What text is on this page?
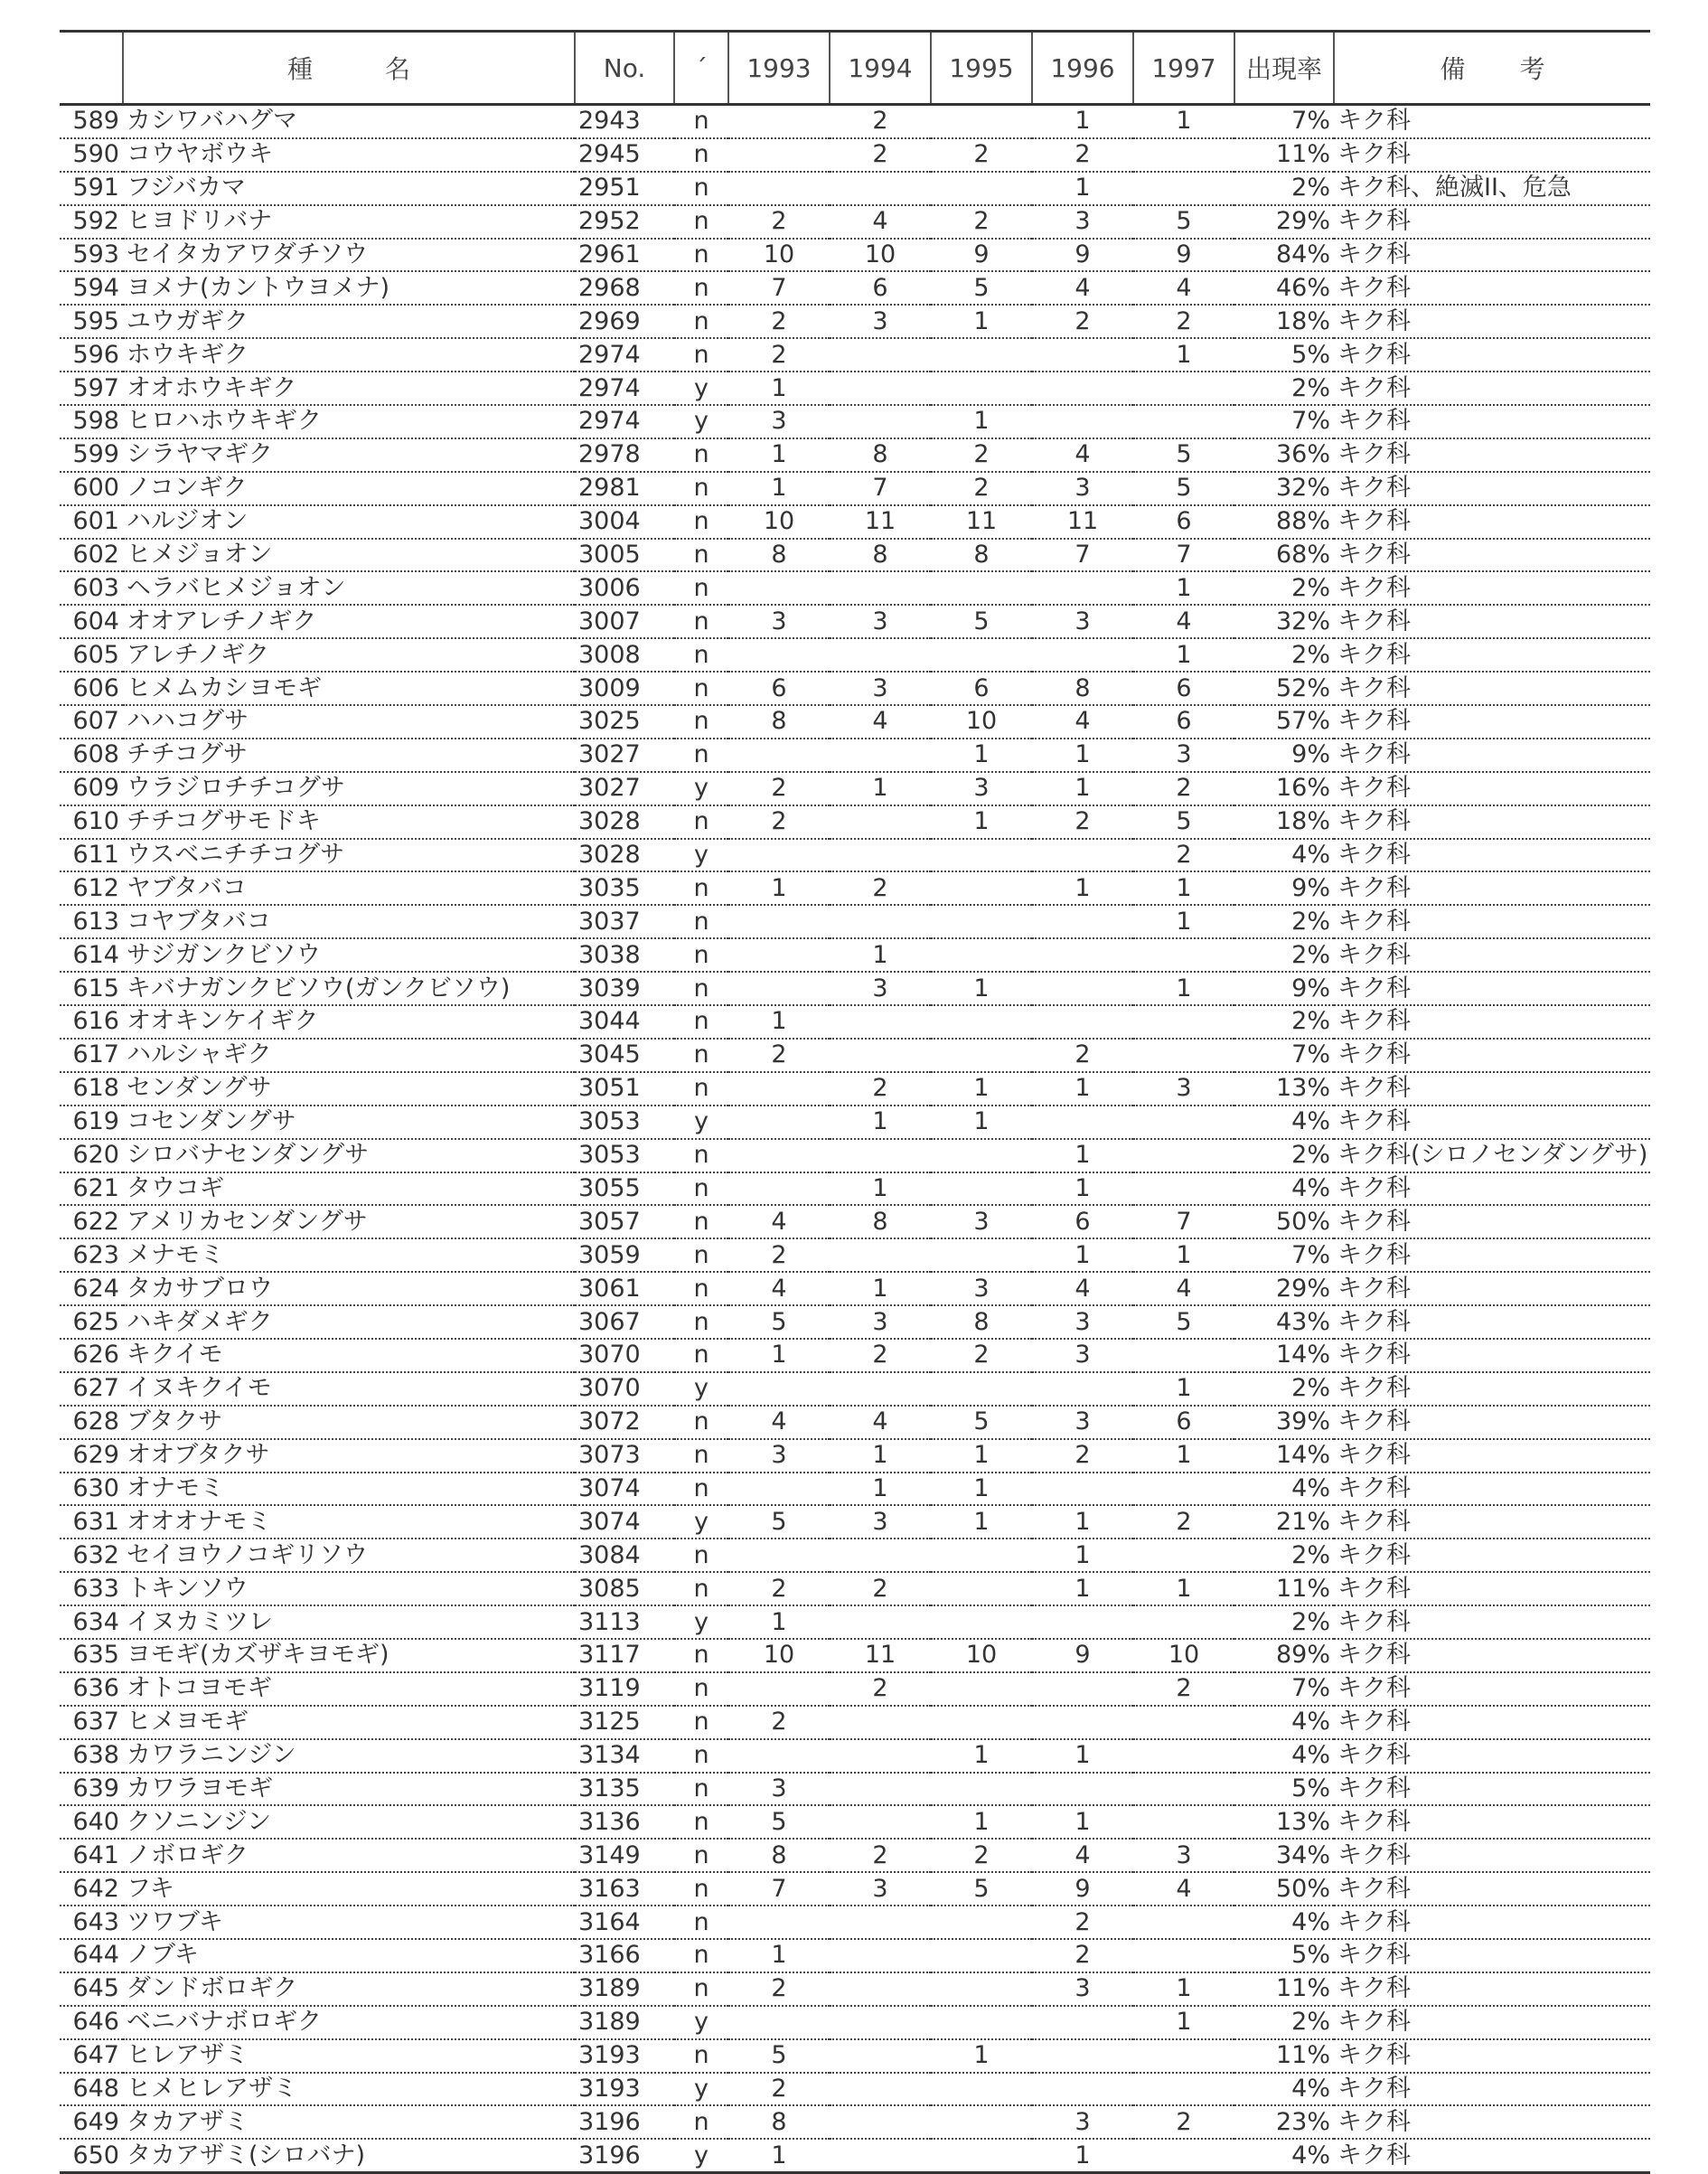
	種名	No.	´	1993	1994	1995	1996	1997	出現率	備考
589	カシワバハグマ	2943	n		2		1	1	7%	キク科
590	コウヤボウキ	2945	n		2	2	2		11%	キク科
591	フジバカマ	2951	n				1		2%	キク科、絶滅II、危急
592	ヒヨドリバナ	2952	n	2	4	2	3	5	29%	キク科
593	セイタカアワダチソウ	2961	n	10	10	9	9	9	84%	キク科
594	ヨメナ(カントウヨメナ)	2968	n	7	6	5	4	4	46%	キク科
595	ユウガギク	2969	n	2	3	1	2	2	18%	キク科
596	ホウキギク	2974	n	2				1	5%	キク科
597	オオホウキギク	2974	y	1					2%	キク科
598	ヒロハホウキギク	2974	y	3		1			7%	キク科
599	シラヤマギク	2978	n	1	8	2	4	5	36%	キク科
600	ノコンギク	2981	n	1	7	2	3	5	32%	キク科
601	ハルジオン	3004	n	10	11	11	11	6	88%	キク科
602	ヒメジョオン	3005	n	8	8	8	7	7	68%	キク科
603	ヘラバヒメジョオン	3006	n					1	2%	キク科
604	オオアレチノギク	3007	n	3	3	5	3	4	32%	キク科
605	アレチノギク	3008	n					1	2%	キク科
606	ヒメムカシヨモギ	3009	n	6	3	6	8	6	52%	キク科
607	ハハコグサ	3025	n	8	4	10	4	6	57%	キク科
608	チチコグサ	3027	n			1	1	3	9%	キク科
609	ウラジロチチコグサ	3027	y	2	1	3	1	2	16%	キク科
610	チチコグサモドキ	3028	n	2		1	2	5	18%	キク科
611	ウスベニチチコグサ	3028	y					2	4%	キク科
612	ヤブタバコ	3035	n	1	2		1	1	9%	キク科
613	コヤブタバコ	3037	n					1	2%	キク科
614	サジガンクビソウ	3038	n		1				2%	キク科
615	キバナガンクビソウ(ガンクビソウ)	3039	n		3	1		1	9%	キク科
616	オオキンケイギク	3044	n	1					2%	キク科
617	ハルシャギク	3045	n	2			2		7%	キク科
618	センダングサ	3051	n		2	1	1	3	13%	キク科
619	コセンダングサ	3053	y		1	1			4%	キク科
620	シロバナセンダングサ	3053	n				1		2%	キク科(シロノセンダングサ)
621	タウコギ	3055	n		1		1		4%	キク科
622	アメリカセンダングサ	3057	n	4	8	3	6	7	50%	キク科
623	メナモミ	3059	n	2			1	1	7%	キク科
624	タカサブロウ	3061	n	4	1	3	4	4	29%	キク科
625	ハキダメギク	3067	n	5	3	8	3	5	43%	キク科
626	キクイモ	3070	n	1	2	2	3		14%	キク科
627	イヌキクイモ	3070	y					1	2%	キク科
628	ブタクサ	3072	n	4	4	5	3	6	39%	キク科
629	オオブタクサ	3073	n	3	1	1	2	1	14%	キク科
630	オナモミ	3074	n		1	1			4%	キク科
631	オオオナモミ	3074	y	5	3	1	1	2	21%	キク科
632	セイヨウノコギリソウ	3084	n				1		2%	キク科
633	トキンソウ	3085	n	2	2		1	1	11%	キク科
634	イヌカミツレ	3113	y	1					2%	キク科
635	ヨモギ(カズザキヨモギ)	3117	n	10	11	10	9	10	89%	キク科
636	オトコヨモギ	3119	n		2			2	7%	キク科
637	ヒメヨモギ	3125	n	2					4%	キク科
638	カワラニンジン	3134	n			1	1		4%	キク科
639	カワラヨモギ	3135	n	3					5%	キク科
640	クソニンジン	3136	n	5		1	1		13%	キク科
641	ノボロギク	3149	n	8	2	2	4	3	34%	キク科
642	フキ	3163	n	7	3	5	9	4	50%	キク科
643	ツワブキ	3164	n				2		4%	キク科
644	ノブキ	3166	n	1			2		5%	キク科
645	ダンドボロギク	3189	n	2			3	1	11%	キク科
646	ベニバナボロギク	3189	y					1	2%	キク科
647	ヒレアザミ	3193	n	5		1			11%	キク科
648	ヒメヒレアザミ	3193	y	2					4%	キク科
649	タカアザミ	3196	n	8			3	2	23%	キク科
650	タカアザミ(シロバナ)	3196	y	1			1		4%	キク科
